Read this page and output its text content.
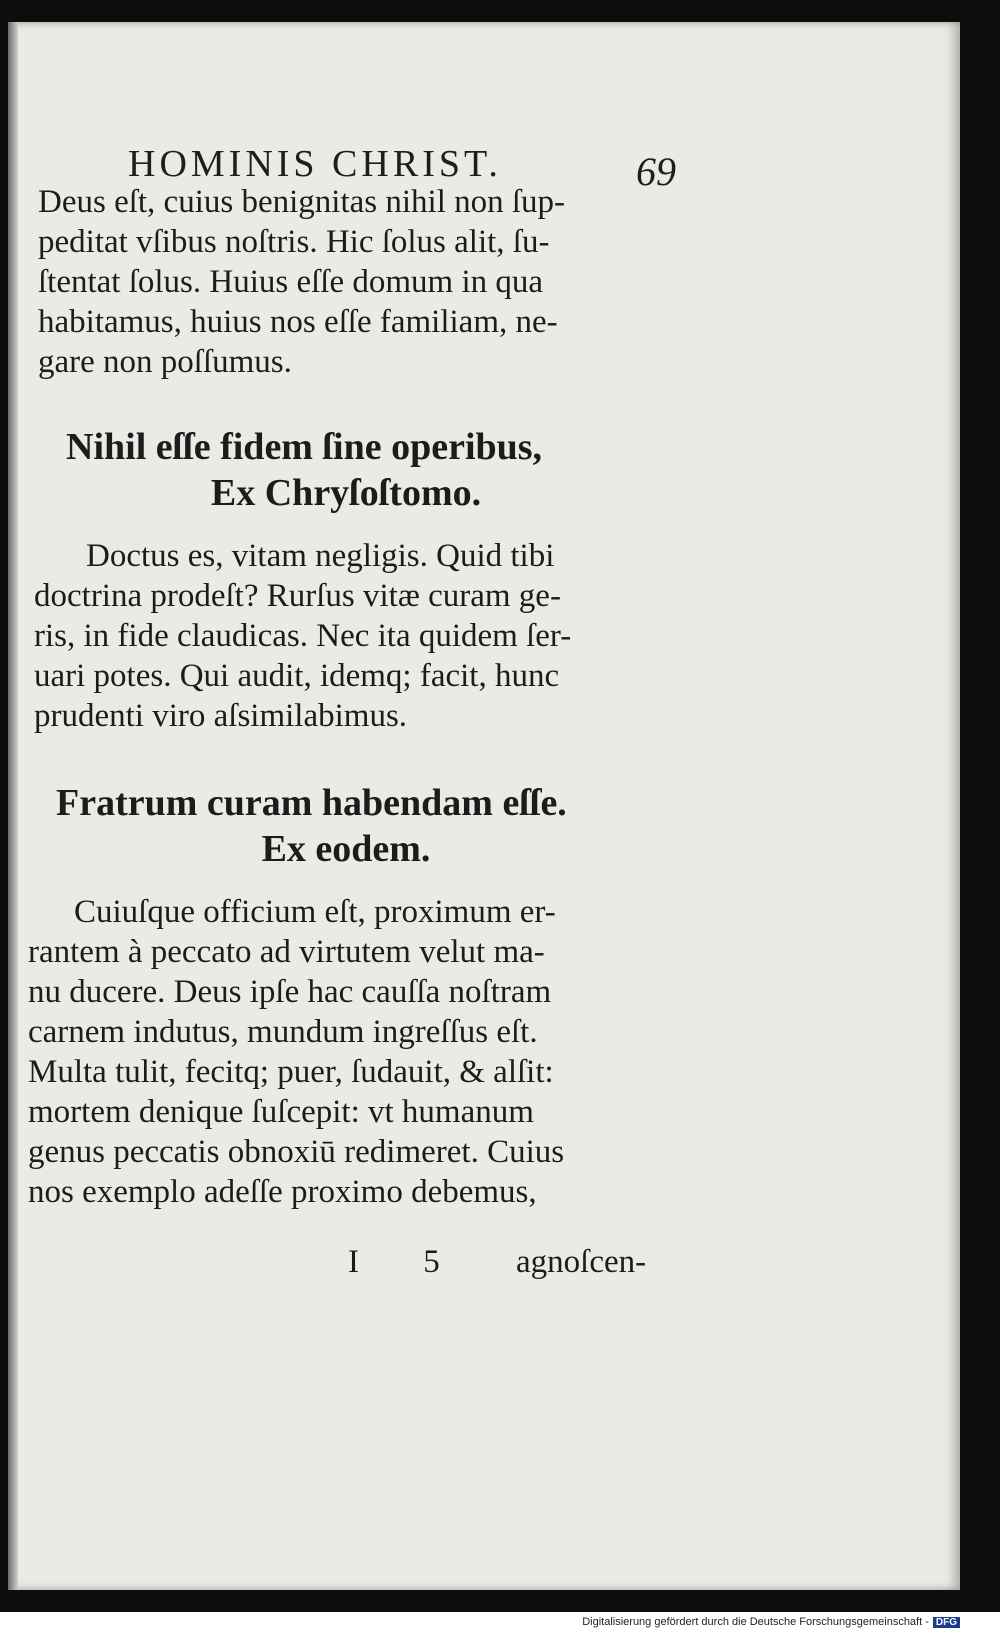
HOMINIS CHRIST.	69
Deus eſt, cuius benignitas nihil non ſup-
peditat vſibus noſtris. Hic ſolus alit, ſu-
ſtentat ſolus. Huius eſſe domum in qua
habitamus, huius nos eſſe familiam, ne-
gare non poſſumus.
Nihil eſſe fidem ſine operibus,
Ex Chryſoſtomo.
Doctus es, vitam negligis. Quid tibi
doctrina prodeſt? Rurſus vitæ curam ge-
ris, in fide claudicas. Nec ita quidem ſer-
uari potes. Qui audit, idemq; facit, hunc
prudenti viro aſsimilabimus.
Fratrum curam habendam eſſe.
Ex eodem.
Cuiuſque officium eſt, proximum er-
rantem à peccato ad virtutem velut ma-
nu ducere. Deus ipſe hac cauſſa noſtram
carnem indutus, mundum ingreſſus eſt.
Multa tulit, fecitq; puer, ſudauit, & alſit:
mortem denique ſuſcepit: vt humanum
genus peccatis obnoxiū redimeret. Cuius
nos exemplo adeſſe proximo debemus,
I 5 agnoſcen-
Digitalisierung gefördert durch die Deutsche Forschungsgemeinschaft - DFG
